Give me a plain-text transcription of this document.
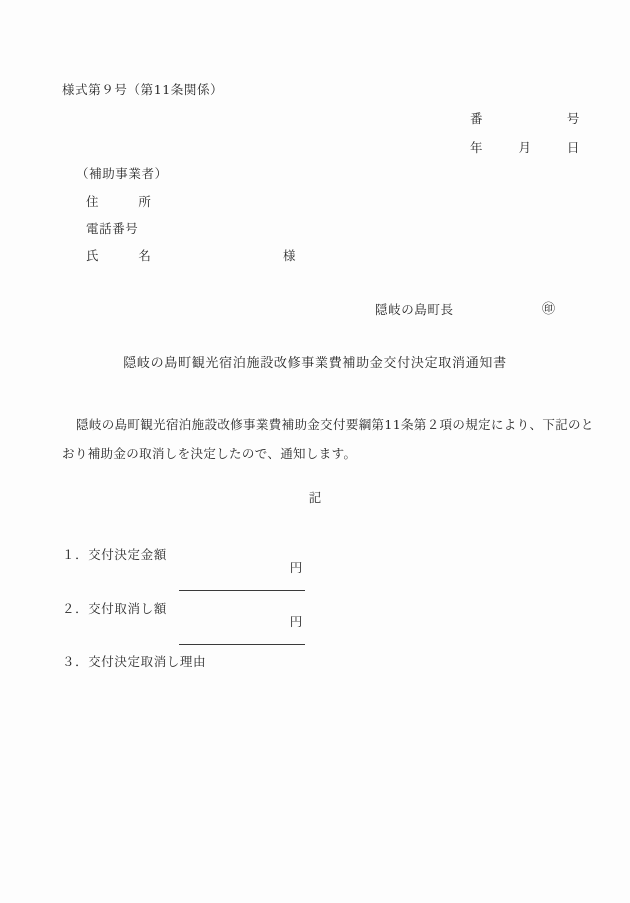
様式第９号（第11条関係）
番	号
年	月	日
（補助事業者）
住　　　所
電話番号
氏　　　名	様
隠岐の島町長	㊞
隠岐の島町観光宿泊施設改修事業費補助金交付決定取消通知書
隠岐の島町観光宿泊施設改修事業費補助金交付要綱第11条第２項の規定により、下記のと
おり補助金の取消しを決定したので、通知します。
記
１．交付決定金額

円

２．交付取消し額

円

３．交付決定取消し理由
